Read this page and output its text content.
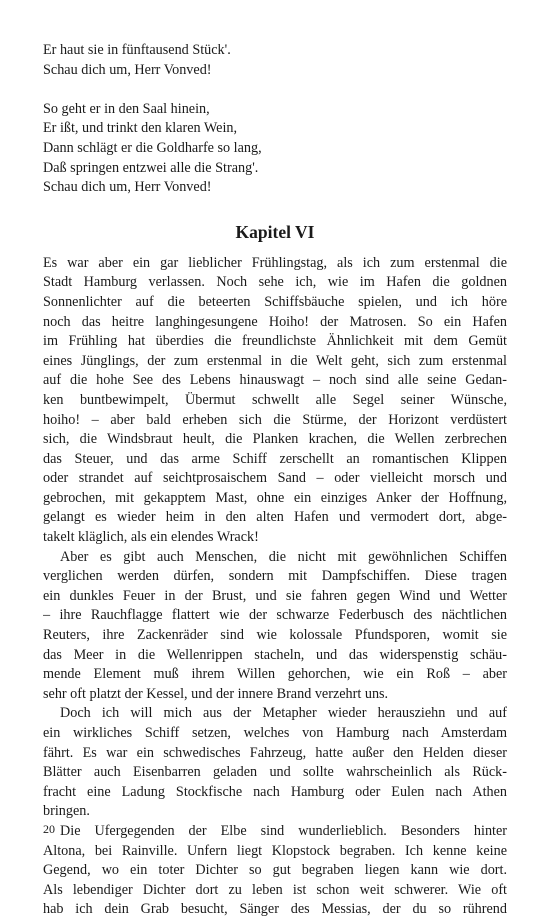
Er haut sie in fünftausend Stück'.
Schau dich um, Herr Vonved!
So geht er in den Saal hinein,
Er ißt, und trinkt den klaren Wein,
Dann schlägt er die Goldharfe so lang,
Daß springen entzwei alle die Strang'.
Schau dich um, Herr Vonved!
Kapitel VI
Es war aber ein gar lieblicher Frühlingstag, als ich zum erstenmal die
Stadt Hamburg verlassen. Noch sehe ich, wie im Hafen die goldnen
Sonnenlichter auf die beteerten Schiffsbäuche spielen, und ich höre
noch das heitre langhingesungene Hoiho! der Matrosen. So ein Hafen
im Frühling hat überdies die freundlichste Ähnlichkeit mit dem Gemüt
eines Jünglings, der zum erstenmal in die Welt geht, sich zum erstenmal
auf die hohe See des Lebens hinauswagt – noch sind alle seine Gedan-
ken buntbewimpelt, Übermut schwellt alle Segel seiner Wünsche,
hoiho! – aber bald erheben sich die Stürme, der Horizont verdüstert
sich, die Windsbraut heult, die Planken krachen, die Wellen zerbrechen
das Steuer, und das arme Schiff zerschellt an romantischen Klippen
oder strandet auf seichtprosaischem Sand – oder vielleicht morsch und
gebrochen, mit gekapptem Mast, ohne ein einziges Anker der Hoffnung,
gelangt es wieder heim in den alten Hafen und vermodert dort, abge-
takelt kläglich, als ein elendes Wrack!
Aber es gibt auch Menschen, die nicht mit gewöhnlichen Schiffen
verglichen werden dürfen, sondern mit Dampfschiffen. Diese tragen
ein dunkles Feuer in der Brust, und sie fahren gegen Wind und Wetter
– ihre Rauchflagge flattert wie der schwarze Federbusch des nächtlichen
Reuters, ihre Zackenräder sind wie kolossale Pfundsporen, womit sie
das Meer in die Wellenrippen stacheln, und das widerspenstig schäu-
mende Element muß ihrem Willen gehorchen, wie ein Roß – aber
sehr oft platzt der Kessel, und der innere Brand verzehrt uns.
Doch ich will mich aus der Metapher wieder herausziehn und auf
ein wirkliches Schiff setzen, welches von Hamburg nach Amsterdam
fährt. Es war ein schwedisches Fahrzeug, hatte außer den Helden dieser
Blätter auch Eisenbarren geladen und sollte wahrscheinlich als Rück-
fracht eine Ladung Stockfische nach Hamburg oder Eulen nach Athen
bringen.
Die Ufergegenden der Elbe sind wunderlieblich. Besonders hinter
Altona, bei Rainville. Unfern liegt Klopstock begraben. Ich kenne keine
Gegend, wo ein toter Dichter so gut begraben liegen kann wie dort.
Als lebendiger Dichter dort zu leben ist schon weit schwerer. Wie oft
hab ich dein Grab besucht, Sänger des Messias, der du so rührend
20
